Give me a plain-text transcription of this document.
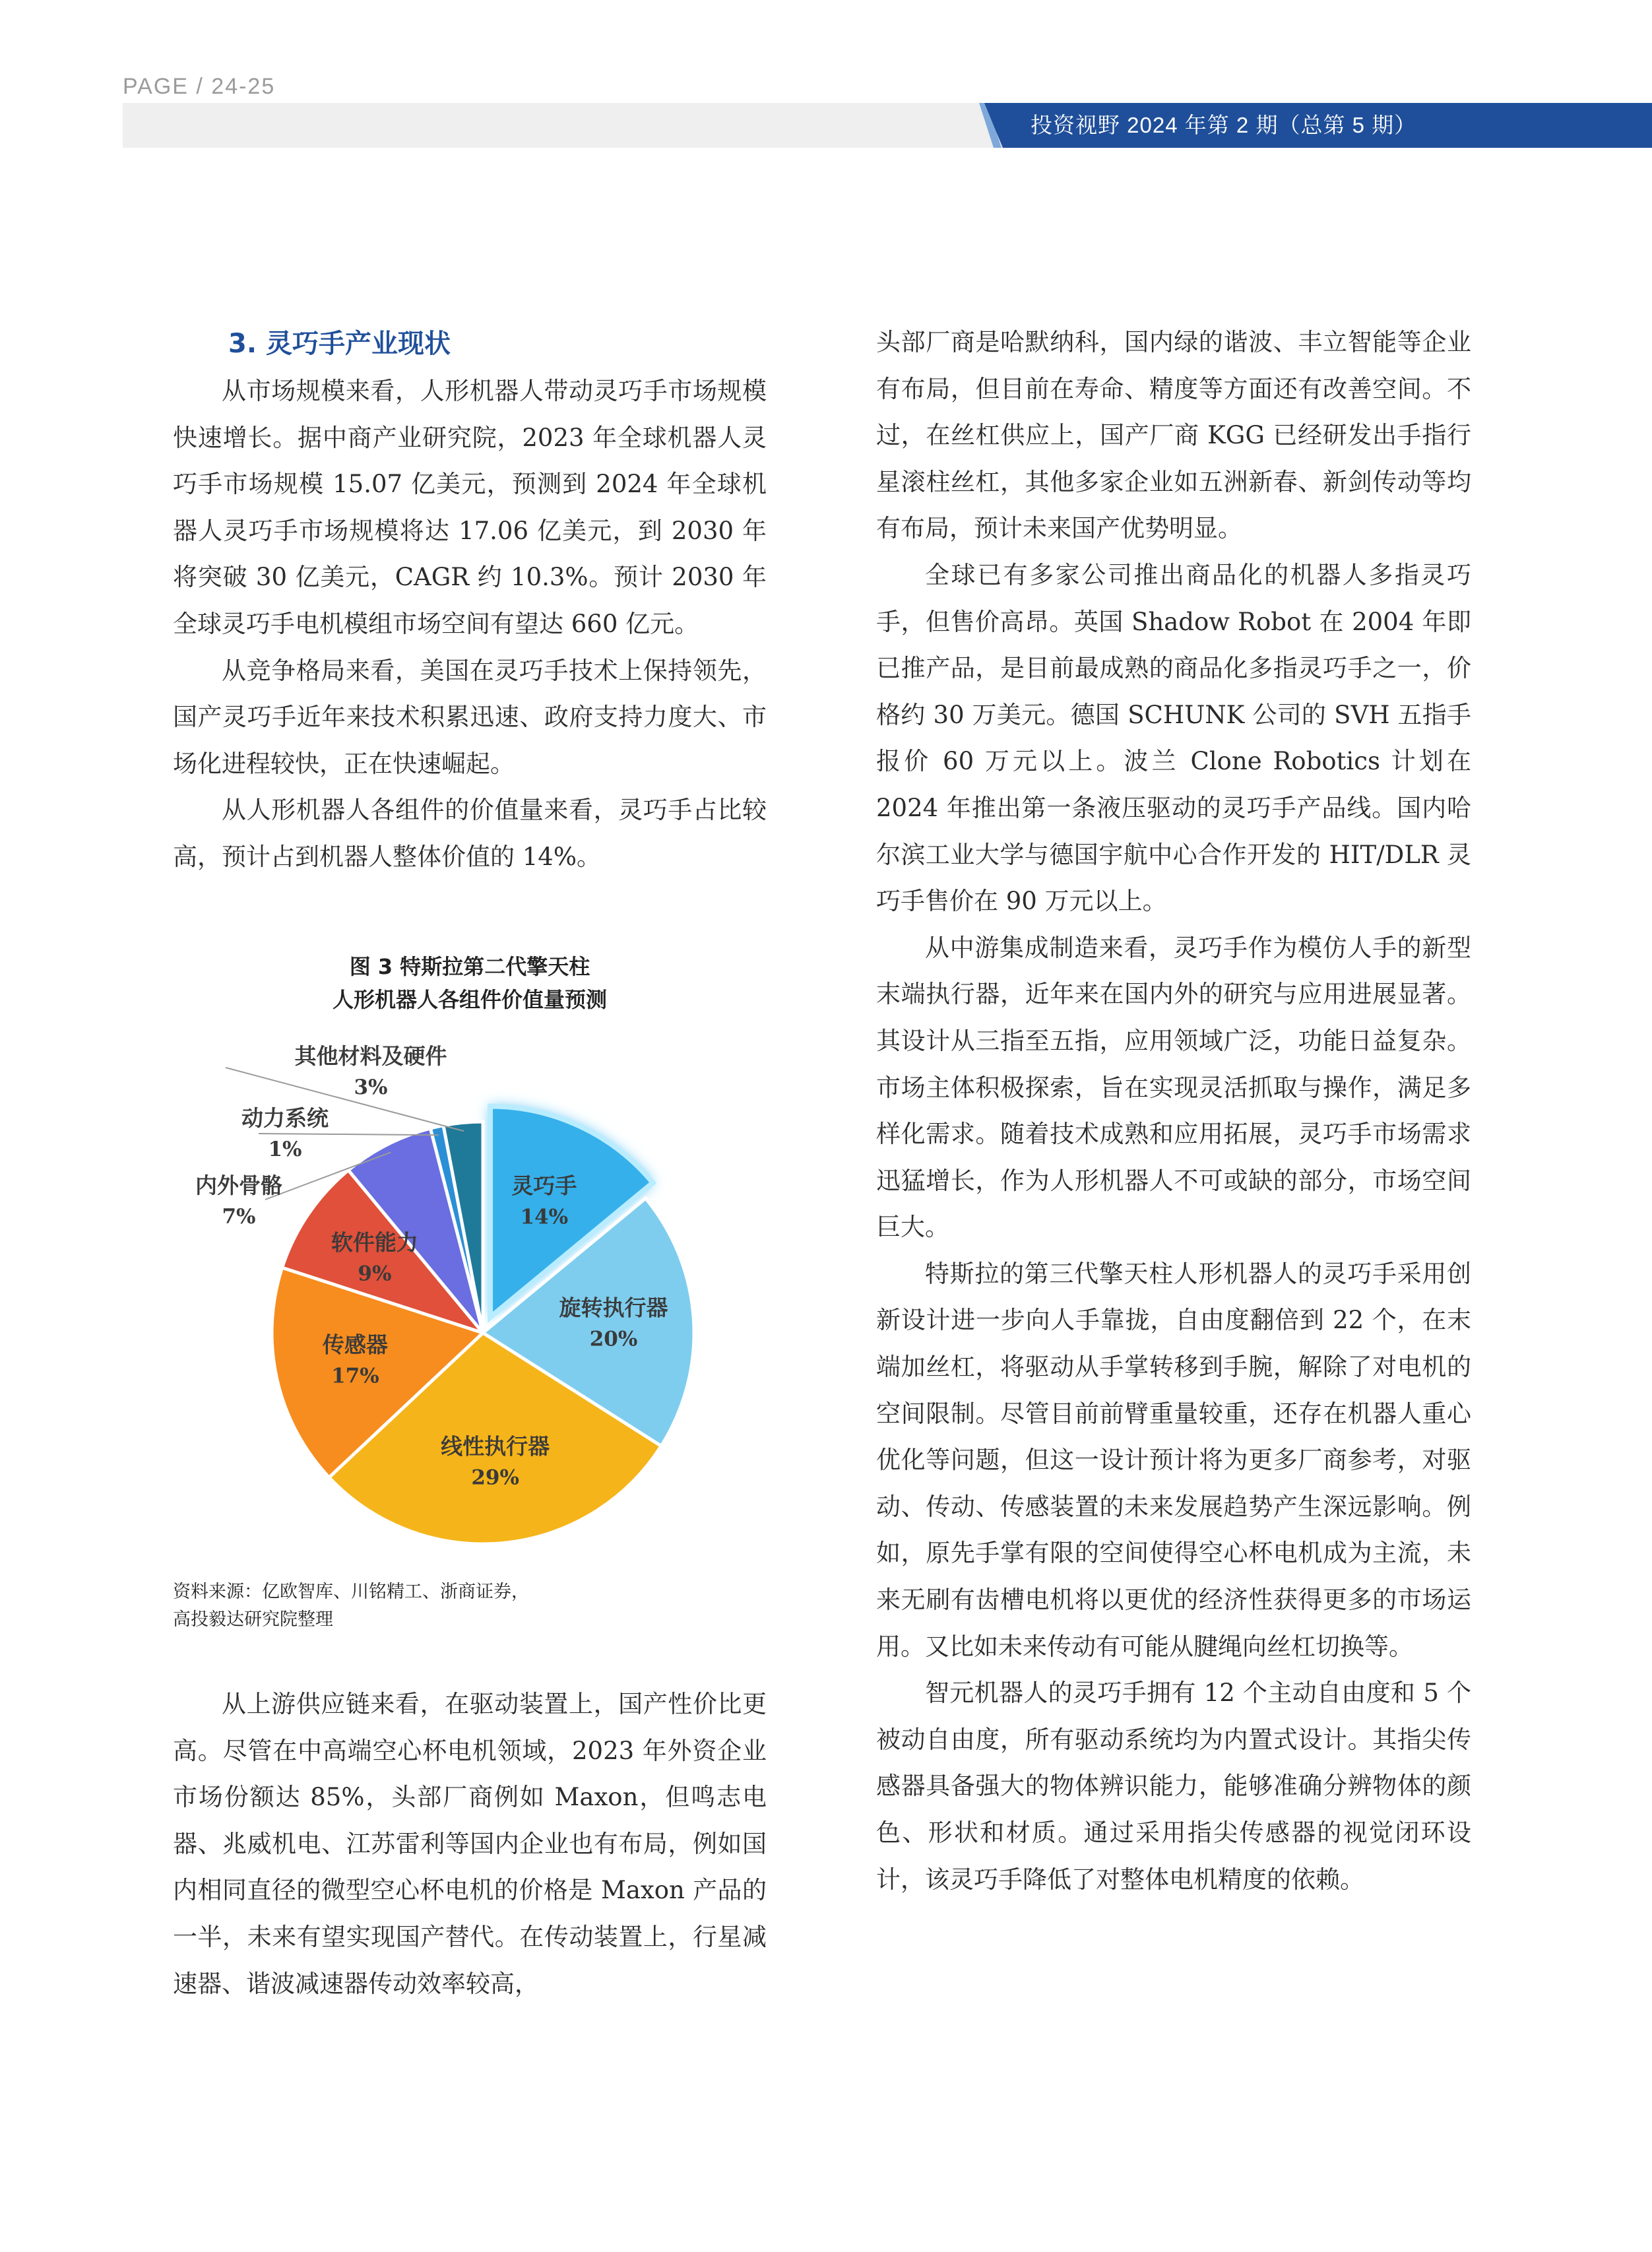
PAGE / 24-25
投资视野 2024 年第 2 期（总第 5 期）
3. 灵巧手产业现状

从市场规模来看，人形机器人带动灵巧手市场规模快速增长。据中商产业研究院，2023 年全球机器人灵巧手市场规模 15.07 亿美元，预测到 2024 年全球机器人灵巧手市场规模将达 17.06 亿美元，到 2030 年将突破 30 亿美元，CAGR 约 10.3%。预计 2030 年全球灵巧手电机模组市场空间有望达 660 亿元。

从竞争格局来看，美国在灵巧手技术上保持领先，国产灵巧手近年来技术积累迅速、政府支持力度大、市场化进程较快，正在快速崛起。

从人形机器人各组件的价值量来看，灵巧手占比较高，预计占到机器人整体价值的 14%。

图 3 特斯拉第二代擎天柱
人形机器人各组件价值量预测
灵巧手
14%
旋转执行器
20%
线性执行器
29%
传感器
17%
软件能力
9%
内外骨骼
7%
动力系统
1%
其他材料及硬件
3%
资料来源：亿欧智库、川铭精工、浙商证券，
高投毅达研究院整理

从上游供应链来看，在驱动装置上，国产性价比更高。尽管在中高端空心杯电机领域，2023 年外资企业市场份额达 85%，头部厂商例如 Maxon，但鸣志电器、兆威机电、江苏雷利等国内企业也有布局，例如国内相同直径的微型空心杯电机的价格是 Maxon 产品的一半，未来有望实现国产替代。在传动装置上，行星减速器、谐波减速器传动效率较高，

头部厂商是哈默纳科，国内绿的谐波、丰立智能等企业有布局，但目前在寿命、精度等方面还有改善空间。不过，在丝杠供应上，国产厂商 KGG 已经研发出手指行星滚柱丝杠，其他多家企业如五洲新春、新剑传动等均有布局，预计未来国产优势明显。

全球已有多家公司推出商品化的机器人多指灵巧手，但售价高昂。英国 Shadow Robot 在 2004 年即已推产品，是目前最成熟的商品化多指灵巧手之一，价格约 30 万美元。德国 SCHUNK 公司的 SVH 五指手报价 60 万元以上。波兰 Clone Robotics 计划在 2024 年推出第一条液压驱动的灵巧手产品线。国内哈尔滨工业大学与德国宇航中心合作开发的 HIT/DLR 灵巧手售价在 90 万元以上。

从中游集成制造来看，灵巧手作为模仿人手的新型末端执行器，近年来在国内外的研究与应用进展显著。其设计从三指至五指，应用领域广泛，功能日益复杂。市场主体积极探索，旨在实现灵活抓取与操作，满足多样化需求。随着技术成熟和应用拓展，灵巧手市场需求迅猛增长，作为人形机器人不可或缺的部分，市场空间巨大。

特斯拉的第三代擎天柱人形机器人的灵巧手采用创新设计进一步向人手靠拢，自由度翻倍到 22 个，在末端加丝杠，将驱动从手掌转移到手腕，解除了对电机的空间限制。尽管目前前臂重量较重，还存在机器人重心优化等问题，但这一设计预计将为更多厂商参考，对驱动、传动、传感装置的未来发展趋势产生深远影响。例如，原先手掌有限的空间使得空心杯电机成为主流，未来无刷有齿槽电机将以更优的经济性获得更多的市场运用。又比如未来传动有可能从腱绳向丝杠切换等。

智元机器人的灵巧手拥有 12 个主动自由度和 5 个被动自由度，所有驱动系统均为内置式设计。其指尖传感器具备强大的物体辨识能力，能够准确分辨物体的颜色、形状和材质。通过采用指尖传感器的视觉闭环设计，该灵巧手降低了对整体电机精度的依赖。
